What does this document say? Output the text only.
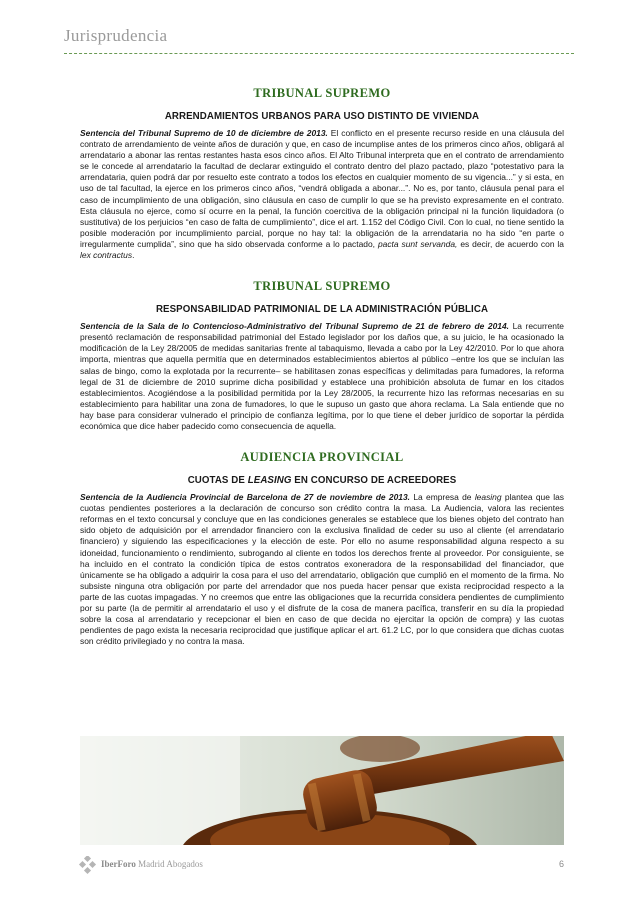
Jurisprudencia
TRIBUNAL SUPREMO
ARRENDAMIENTOS URBANOS PARA USO DISTINTO DE VIVIENDA
Sentencia del Tribunal Supremo de 10 de diciembre de 2013. El conflicto en el presente recurso reside en una cláusula del contrato de arrendamiento de veinte años de duración y que, en caso de incumplise antes de los primeros cinco años, obligará al arrendatario a abonar las rentas restantes hasta esos cinco años. El Alto Tribunal interpreta que en el contrato de arrendamiento se le concede al arrendatario la facultad de declarar extinguido el contrato dentro del plazo pactado, plazo “potestativo para la arrendataria, quien podrá dar por resuelto este contrato a todos los efectos en cualquier momento de su vigencia...” y si esta, en uso de tal facultad, la ejerce en los primeros cinco años, “vendrá obligada a abonar...”. No es, por tanto, cláusula penal para el caso de incumplimiento de una obligación, sino cláusula en caso de cumplir lo que se ha previsto expresamente en el contrato. Esta cláusula no ejerce, como sí ocurre en la penal, la función coercitiva de la obligación principal ni la función liquidadora (o sustitutiva) de los perjuicios “en caso de falta de cumplimiento”, dice el art. 1.152 del Código Civil. Con lo cual, no tiene sentido la posible moderación por incumplimiento parcial, porque no hay tal: la obligación de la arrendataria no ha sido “en parte o irregularmente cumplida”, sino que ha sido observada conforme a lo pactado, pacta sunt servanda, es decir, de acuerdo con la lex contractus.
TRIBUNAL SUPREMO
RESPONSABILIDAD PATRIMONIAL DE LA ADMINISTRACIÓN PÚBLICA
Sentencia de la Sala de lo Contencioso-Administrativo del Tribunal Supremo de 21 de febrero de 2014. La recurrente presentó reclamación de responsabilidad patrimonial del Estado legislador por los daños que, a su juicio, le ha ocasionado la modificación de la Ley 28/2005 de medidas sanitarias frente al tabaquismo, llevada a cabo por la Ley 42/2010. Por lo que ahora importa, mientras que aquella permitía que en determinados establecimientos abiertos al público –entre los que se incluían las salas de bingo, como la explotada por la recurrente– se habilitasen zonas específicas y delimitadas para fumadores, la reforma legal de 31 de diciembre de 2010 suprime dicha posibilidad y establece una prohibición absoluta de fumar en los citados establecimientos. Acogiéndose a la posibilidad permitida por la Ley 28/2005, la recurrente hizo las reformas necesarias en su establecimiento para habilitar una zona de fumadores, lo que le supuso un gasto que ahora reclama. La Sala entiende que no hay base para considerar vulnerado el principio de confianza legítima, por lo que tiene el deber jurídico de soportar la pérdida económica que dice haber padecido como consecuencia de aquella.
AUDIENCIA PROVINCIAL
CUOTAS DE LEASING EN CONCURSO DE ACREEDORES
Sentencia de la Audiencia Provincial de Barcelona de 27 de noviembre de 2013. La empresa de leasing plantea que las cuotas pendientes posteriores a la declaración de concurso son crédito contra la masa. La Audiencia, valora las recientes reformas en el texto concursal y concluye que en las condiciones generales se establece que los bienes objeto del contrato han sido objeto de adquisición por el arrendador financiero con la exclusiva finalidad de ceder su uso al cliente (el arrendatario financiero) y siguiendo las especificaciones y la elección de este. Por ello no asume responsabilidad alguna respecto a su idoneidad, funcionamiento o rendimiento, subrogando al cliente en todos los derechos frente al proveedor. Por consiguiente, se ha incluido en el contrato la condición típica de estos contratos exoneradora de la responsabilidad del financiador, que únicamente se ha obligado a adquirir la cosa para el uso del arrendatario, obligación que cumplió en el momento de la firma. No subsiste ninguna otra obligación por parte del arrendador que nos pueda hacer pensar que exista reciprocidad respecto a la parte de las cuotas impagadas. Y no creemos que entre las obligaciones que la recurrida considera pendientes de cumplimiento por su parte (la de permitir al arrendatario el uso y el disfrute de la cosa de manera pacífica, transferir en su día la propiedad sobre la cosa al arrendatario y recepcionar el bien en caso de que decida no ejercitar la opción de compra) y las cuotas pendientes de pago exista la necesaria reciprocidad que justifique aplicar el art. 61.2 LC, por lo que considera que dichas cuotas son crédito privilegiado y no contra la masa.
IberForo Madrid Abogados	6
